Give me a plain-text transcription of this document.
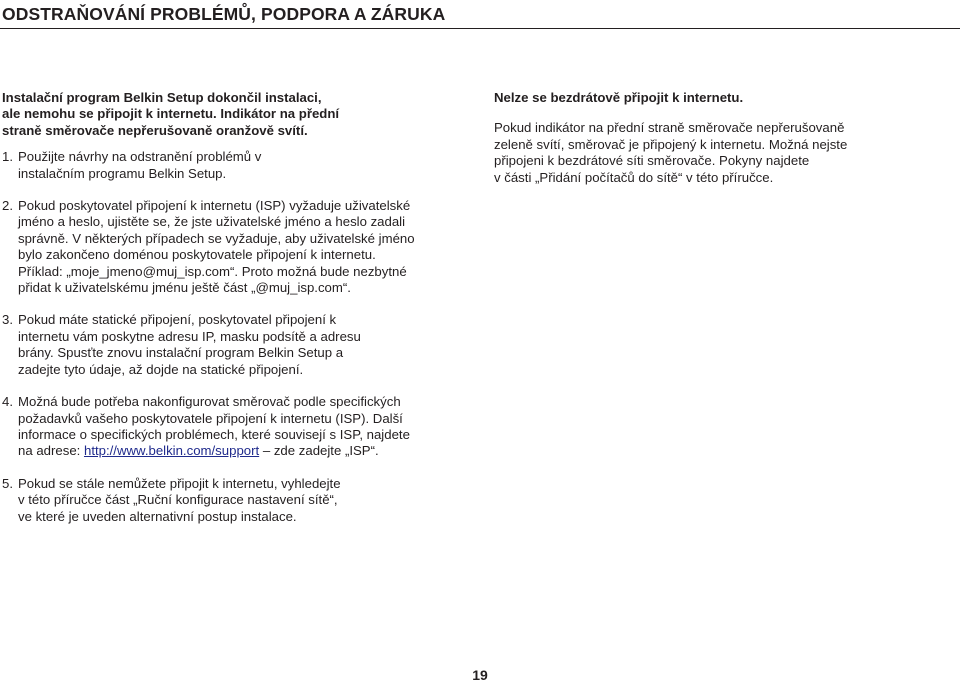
ODSTRAŇOVÁNÍ PROBLÉMŮ, PODPORA A ZÁRUKA
Instalační program Belkin Setup dokončil instalaci,
ale nemohu se připojit k internetu. Indikátor na přední
straně směrovače nepřerušovaně oranžově svítí.
1. Použijte návrhy na odstranění problémů v
instalačním programu Belkin Setup.
2. Pokud poskytovatel připojení k internetu (ISP) vyžaduje uživatelské
jméno a heslo, ujistěte se, že jste uživatelské jméno a heslo zadali
správně. V některých případech se vyžaduje, aby uživatelské jméno
bylo zakončeno doménou poskytovatele připojení k internetu.
Příklad: „moje_jmeno@muj_isp.com“. Proto možná bude nezbytné
přidat k uživatelskému jménu ještě část „@muj_isp.com“.
3. Pokud máte statické připojení, poskytovatel připojení k
internetu vám poskytne adresu IP, masku podsítě a adresu
brány. Spusťte znovu instalační program Belkin Setup a
zadejte tyto údaje, až dojde na statické připojení.
4. Možná bude potřeba nakonfigurovat směrovač podle specifických
požadavků vašeho poskytovatele připojení k internetu (ISP). Další
informace o specifických problémech, které souvisejí s ISP, najdete
na adrese: http://www.belkin.com/support – zde zadejte „ISP“.
5. Pokud se stále nemůžete připojit k internetu, vyhledejte
v této příručce část „Ruční konfigurace nastavení sítě“,
ve které je uveden alternativní postup instalace.
Nelze se bezdrátově připojit k internetu.
Pokud indikátor na přední straně směrovače nepřerušovaně
zeleně svítí, směrovač je připojený k internetu. Možná nejste
připojeni k bezdrátové síti směrovače. Pokyny najdete
v části „Přidání počítačů do sítě“ v této příručce.
19
